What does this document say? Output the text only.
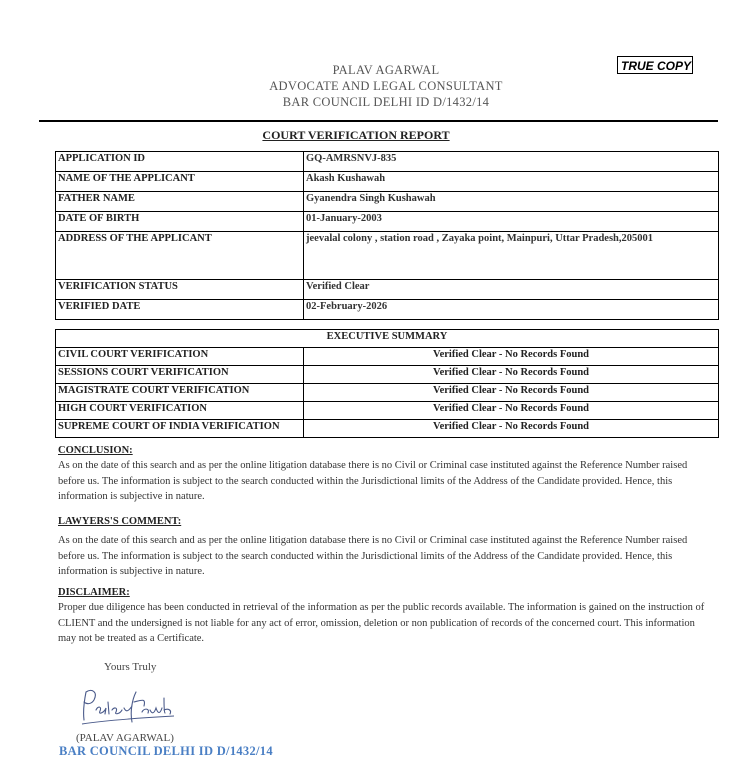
PALAV AGARWAL
ADVOCATE AND LEGAL CONSULTANT
BAR COUNCIL DELHI ID D/1432/14
TRUE COPY
COURT VERIFICATION REPORT
APPLICATION ID	GQ-AMRSNVJ-835
NAME OF THE APPLICANT	Akash Kushawah
FATHER NAME	Gyanendra Singh Kushawah
DATE OF BIRTH	01-January-2003
ADDRESS OF THE APPLICANT	jeevalal colony , station road , Zayaka point, Mainpuri, Uttar Pradesh,205001
VERIFICATION STATUS	Verified Clear
VERIFIED DATE	02-February-2026
EXECUTIVE SUMMARY	
CIVIL COURT VERIFICATION	Verified Clear - No Records Found
SESSIONS COURT VERIFICATION	Verified Clear - No Records Found
MAGISTRATE COURT VERIFICATION	Verified Clear - No Records Found
HIGH COURT VERIFICATION	Verified Clear - No Records Found
SUPREME COURT OF INDIA VERIFICATION	Verified Clear - No Records Found
CONCLUSION:
As on the date of this search and as per the online litigation database there is no Civil or Criminal case instituted against the Reference Number raised before us. The information is subject to the search conducted within the Jurisdictional limits of the Address of the Candidate provided. Hence, this information is subjective in nature.
LAWYERS'S COMMENT:
As on the date of this search and as per the online litigation database there is no Civil or Criminal case instituted against the Reference Number raised before us. The information is subject to the search conducted within the Jurisdictional limits of the Address of the Candidate provided. Hence, this information is subjective in nature.
DISCLAIMER:
Proper due diligence has been conducted in retrieval of the information as per the public records available. The information is gained on the instruction of CLIENT and the undersigned is not liable for any act of error, omission, deletion or non publication of records of the concerned court. This information may not be treated as a Certificate.
Yours Truly
(PALAV AGARWAL)
BAR COUNCIL DELHI ID D/1432/14
